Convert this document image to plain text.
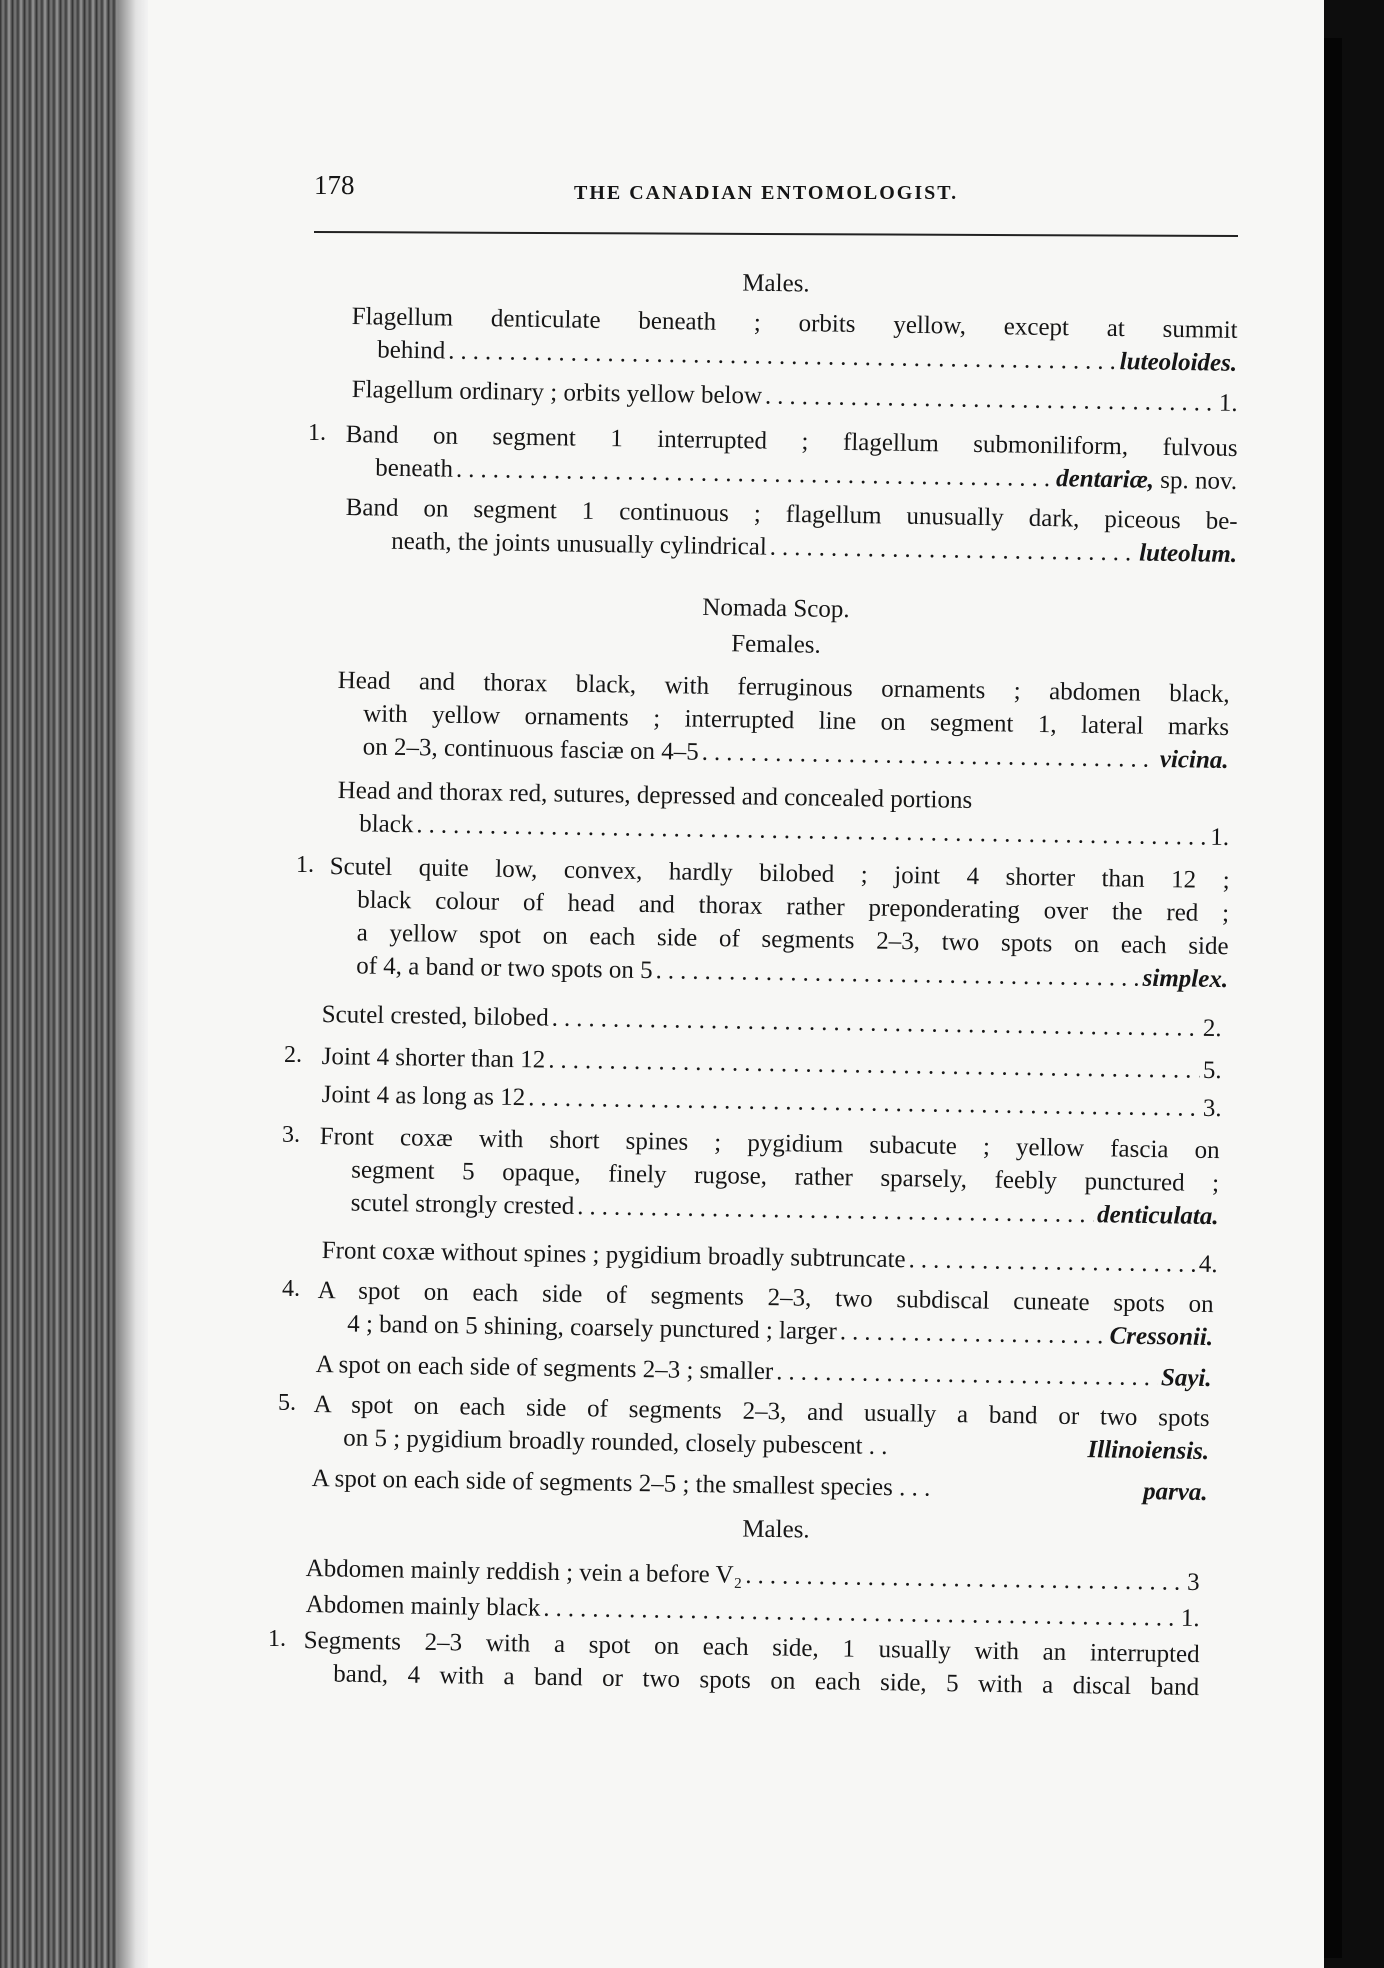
178	THE CANADIAN ENTOMOLOGIST.
Males.
Flagellum denticulate beneath ; orbits yellow, except at summit
behind .....	luteoloides.
Flagellum ordinary ; orbits yellow below .....	1.
1. Band on segment 1 interrupted ; flagellum submoniliform, fulvous
beneath .....	dentariæ, sp. nov.
Band on segment 1 continuous ; flagellum unusually dark, piceous be-
neath, the joints unusually cylindrical .....	luteolum.
Nomada Scop.
Females.
Head and thorax black, with ferruginous ornaments ; abdomen black,
with yellow ornaments ; interrupted line on segment 1, lateral marks
on 2–3, continuous fasciæ on 4–5 .....	vicina.
Head and thorax red, sutures, depressed and concealed portions
black .....	1.
1. Scutel quite low, convex, hardly bilobed ; joint 4 shorter than 12 ;
black colour of head and thorax rather preponderating over the red ;
a yellow spot on each side of segments 2–3, two spots on each side
of 4, a band or two spots on 5 .....	simplex.
Scutel crested, bilobed .....	2.
2. Joint 4 shorter than 12 .....	5.
Joint 4 as long as 12 .....	3.
3. Front coxæ with short spines ; pygidium subacute ; yellow fascia on
segment 5 opaque, finely rugose, rather sparsely, feebly punctured ;
scutel strongly crested .....	denticulata.
Front coxæ without spines ; pygidium broadly subtruncate .....	4.
4. A spot on each side of segments 2–3, two subdiscal cuneate spots on
4 ; band on 5 shining, coarsely punctured ; larger .....	Cressonii.
A spot on each side of segments 2–3 ; smaller .....	Sayi.
5. A spot on each side of segments 2–3, and usually a band or two spots
on 5 ; pygidium broadly rounded, closely pubescent . .	Illinoiensis.
A spot on each side of segments 2–5 ; the smallest species . . .	parva.
Males.
Abdomen mainly reddish ; vein a before V₂ .....	3
Abdomen mainly black .....	1.
1. Segments 2–3 with a spot on each side, 1 usually with an interrupted
band, 4 with a band or two spots on each side, 5 with a discal band
